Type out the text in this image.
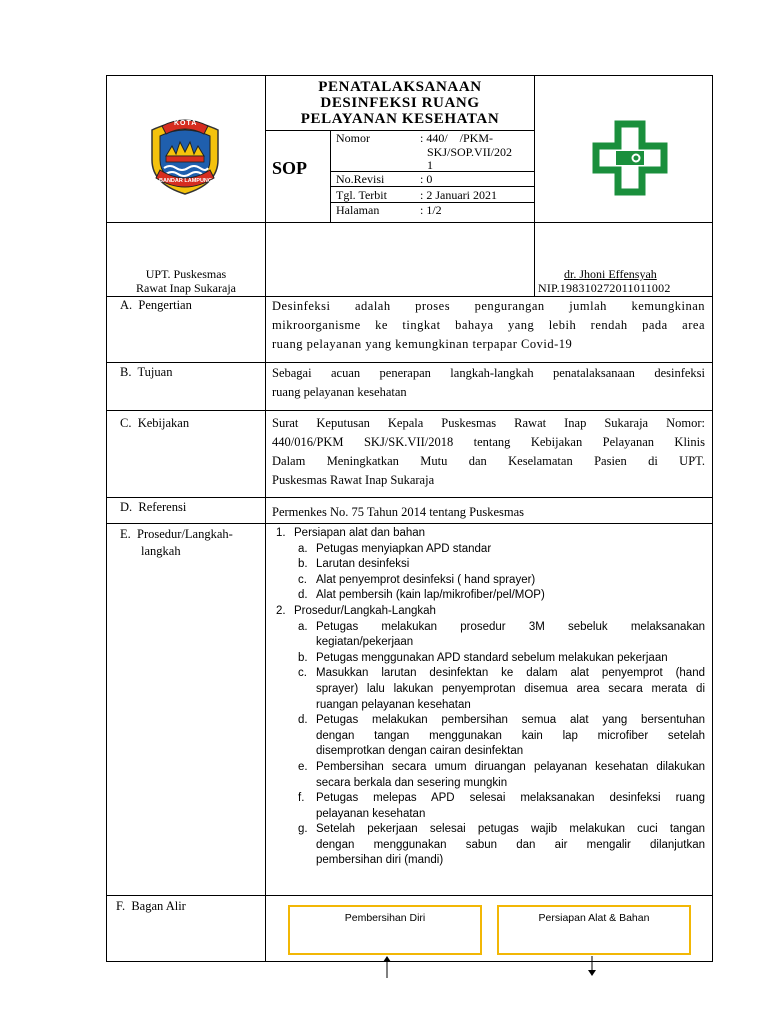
KOTA
BANDAR LAMPUNG
PENATALAKSANAAN
DESINFEKSI RUANG
PELAYANAN KESEHATAN
SOP
Nomor	: 440/    /PKM-
SKJ/SOP.VII/202
1
No.Revisi	: 0
Tgl. Terbit	: 2 Januari 2021
Halaman	: 1/2
UPT. Puskesmas
Rawat Inap Sukaraja
dr. Jhoni Effensyah
NIP.198310272011011002
A.  Pengertian	Desinfeksi adalah proses pengurangan jumlah kemungkinan
mikroorganisme ke tingkat bahaya yang lebih rendah pada area
ruang pelayanan yang kemungkinan terpapar Covid-19
B.  Tujuan	Sebagai acuan penerapan langkah-langkah penatalaksanaan desinfeksi
ruang pelayanan kesehatan
C.  Kebijakan	Surat Keputusan Kepala Puskesmas Rawat Inap Sukaraja Nomor:
440/016/PKM SKJ/SK.VII/2018 tentang Kebijakan Pelayanan Klinis
Dalam Meningkatkan Mutu dan Keselamatan Pasien di UPT.
Puskesmas Rawat Inap Sukaraja
D.  Referensi	Permenkes No. 75 Tahun 2014 tentang Puskesmas
E.  Prosedur/Langkah-
langkah
1. Persiapan alat dan bahan
a. Petugas menyiapkan APD standar
b. Larutan desinfeksi
c. Alat penyemprot desinfeksi ( hand sprayer)
d. Alat pembersih (kain lap/mikrofiber/pel/MOP)
2. Prosedur/Langkah-Langkah
a. Petugas melakukan prosedur 3M sebeluk melaksanakan
kegiatan/pekerjaan
b. Petugas menggunakan APD standard sebelum melakukan pekerjaan
c. Masukkan larutan desinfektan ke dalam alat penyemprot (hand
sprayer) lalu lakukan penyemprotan disemua area secara merata di
ruangan pelayanan kesehatan
d. Petugas melakukan pembersihan semua alat yang bersentuhan
dengan tangan menggunakan kain lap microfiber setelah
disemprotkan dengan cairan desinfektan
e. Pembersihan secara umum diruangan pelayanan kesehatan dilakukan
secara berkala dan sesering mungkin
f. Petugas melepas APD selesai melaksanakan desinfeksi ruang
pelayanan kesehatan
g. Setelah pekerjaan selesai petugas wajib melakukan cuci tangan
dengan menggunakan sabun dan air mengalir dilanjutkan
pembersihan diri (mandi)
F.  Bagan Alir
Pembersihan Diri	Persiapan Alat & Bahan
